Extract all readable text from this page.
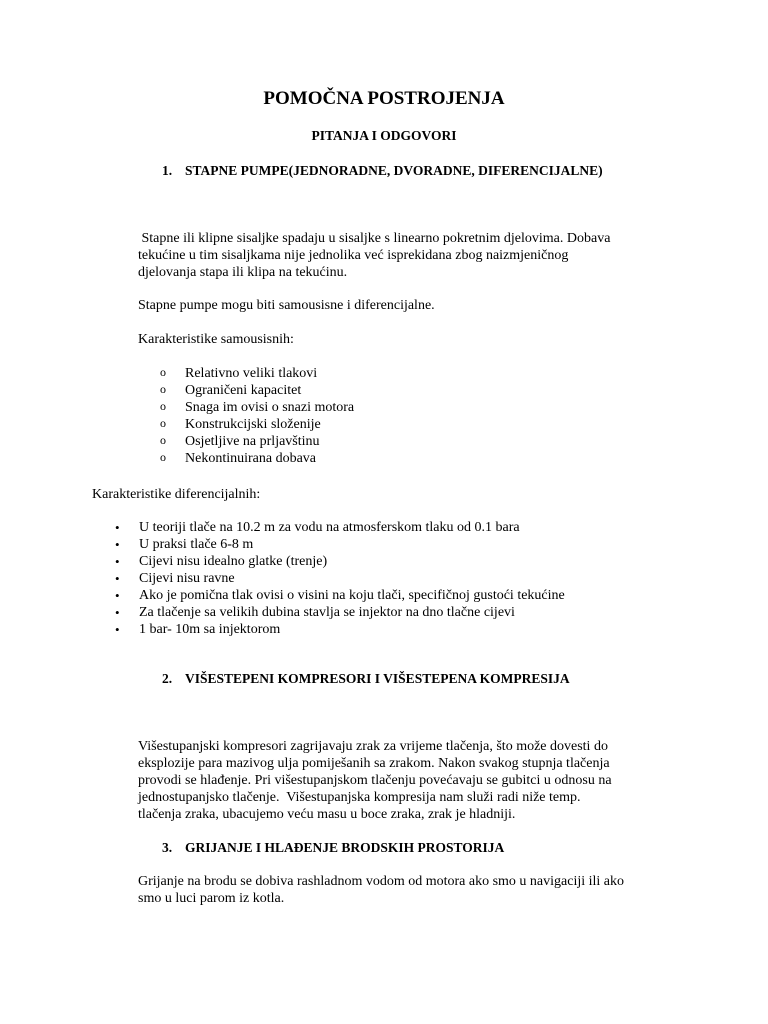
POMOČNA POSTROJENJA
PITANJA I ODGOVORI
1. STAPNE PUMPE(JEDNORADNE, DVORADNE, DIFERENCIJALNE)
Stapne ili klipne sisaljke spadaju u sisaljke s linearno pokretnim djelovima. Dobava
tekućine u tim sisaljkama nije jednolika već isprekidana zbog naizmjeničnog
djelovanja stapa ili klipa na tekućinu.
Stapne pumpe mogu biti samousisne i diferencijalne.
Karakteristike samousisnih:
o Relativno veliki tlakovi
o Ograničeni kapacitet
o Snaga im ovisi o snazi motora
o Konstrukcijski složenije
o Osjetljive na prljavštinu
o Nekontinuirana dobava
Karakteristike diferencijalnih:
• U teoriji tlače na 10.2 m za vodu na atmosferskom tlaku od 0.1 bara
• U praksi tlače 6-8 m
• Cijevi nisu idealno glatke (trenje)
• Cijevi nisu ravne
• Ako je pomična tlak ovisi o visini na koju tlači, specifičnoj gustoći tekućine
• Za tlačenje sa velikih dubina stavlja se injektor na dno tlačne cijevi
• 1 bar- 10m sa injektorom
2. VIŠESTEPENI KOMPRESORI I VIŠESTEPENA KOMPRESIJA
Višestupanjski kompresori zagrijavaju zrak za vrijeme tlačenja, što može dovesti do
eksplozije para mazivog ulja pomiješanih sa zrakom. Nakon svakog stupnja tlačenja
provodi se hlađenje. Pri višestupanjskom tlačenju povećavaju se gubitci u odnosu na
jednostupanjsko tlačenje.  Višestupanjska kompresija nam služi radi niže temp.
tlačenja zraka, ubacujemo veću masu u boce zraka, zrak je hladniji.
3. GRIJANJE I HLAĐENJE BRODSKIH PROSTORIJA
Grijanje na brodu se dobiva rashladnom vodom od motora ako smo u navigaciji ili ako
smo u luci parom iz kotla.
